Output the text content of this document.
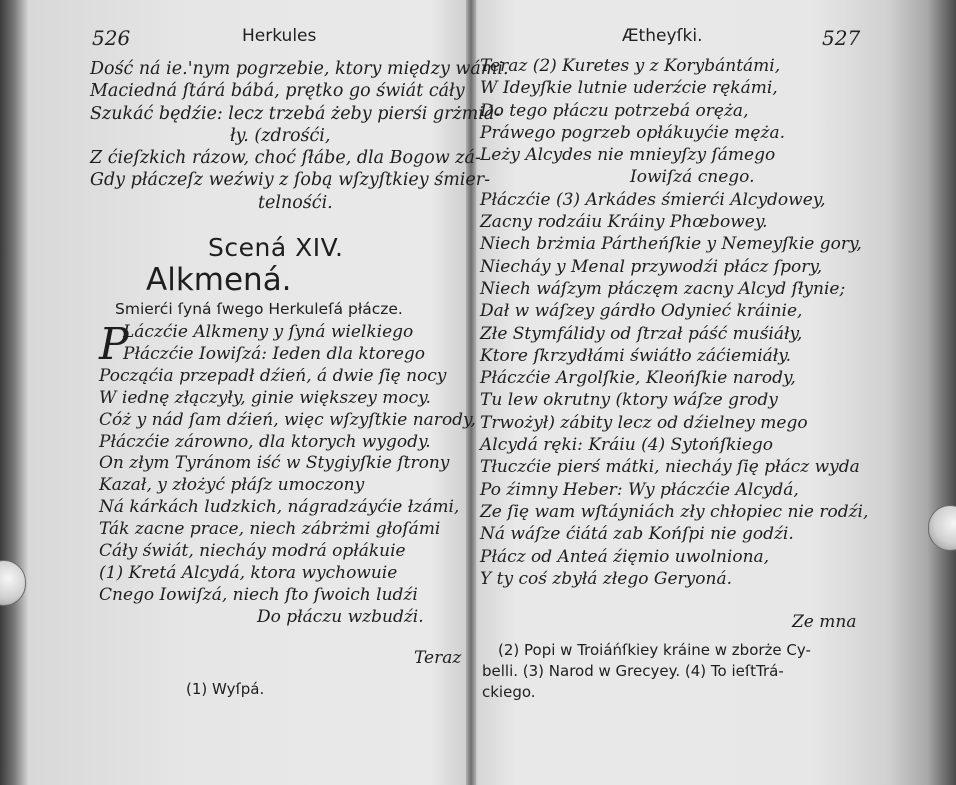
526	Herkules
Dość ná ie.'nym pogrzebie, ktory między wámi.
Maciedná ſtárá bábá, prętko go świát cáły
Szukáć będźie: lecz trzebá żeby pierśi grżmiá-
ły. (zdrośći,
Z ćieſzkich rázow, choć ſłábe, dla Bogow zá-
Gdy płáczeſz weźwiy z ſobą wſzyſtkiey śmier-
telnośći.
Scená XIV.
Alkmená.
Smierći ſyná ſwego Herkuleſá płácze.
P
Láczćie Alkmeny y ſyná wielkiego
Płáczćie Iowiſzá: Ieden dla ktorego
Począćia przepadł dźień, á dwie ſię nocy
W iednę złączyły, ginie większey mocy.
Cóż y nád ſam dźień, więc wſzyſtkie narody,
Płáczćie zárowno, dla ktorych wygody.
On złym Tyránom iść w Stygiyſkie ſtrony
Kazał, y złożyć płáſz umoczony
Ná kárkách ludzkich, nágradzáyćie łzámi,
Ták zacne prace, niech zábrżmi głoſámi
Cáły świát, niecháy modrá opłákuie
(1) Kretá Alcydá, ktora wychowuie
Cnego Iowiſzá, niech ſto ſwoich ludźi
Do płáczu wzbudźi.
Teraz
(1) Wyſpá.
Ætheyſki.	527
Teraz (2) Kuretes y z Korybántámi,
W Ideyſkie lutnie uderźcie rękámi,
Do tego płáczu potrzebá oręża,
Práwego pogrzeb opłákuyćie męża.
Leży Alcydes nie mnieyſzy ſámego
Iowiſzá cnego.
Płáczćie (3) Arkádes śmierći Alcydowey,
Zacny rodzáiu Kráiny Phœbowey.
Niech brżmia Pártheńſkie y Nemeyſkie gory,
Niecháy y Menal przywodźi płácz ſpory,
Niech wáſzym płáczęm zacny Alcyd ſłynie;
Dał w wáſzey gárdło Odynieć kráinie,
Złe Stymfálidy od ſtrzał páść muśiáły,
Ktore ſkrzydłámi świátło záćiemiáły.
Płáczćie Argolſkie, Kleońſkie narody,
Tu lew okrutny (ktory wáſze grody
Trwożył) zábity lecz od dźielney mego
Alcydá ręki: Kráiu (4) Sytońſkiego
Tłuczćie pierś mátki, niecháy ſię płácz wyda
Po źimny Heber: Wy płáczćie Alcydá,
Ze ſię wam wſtáyniách zły chłopiec nie rodźi,
Ná wáſze ćiátá zab Końſpi nie godźi.
Płácz od Anteá źięmio uwolniona,
Y ty coś zbyłá złego Geryoná.
Ze mna
(2) Popi w Troiáńſkiey kráine w zborże Cy-
belli. (3) Narod w Grecyey. (4) To ieſtTrá-
ckiego.
